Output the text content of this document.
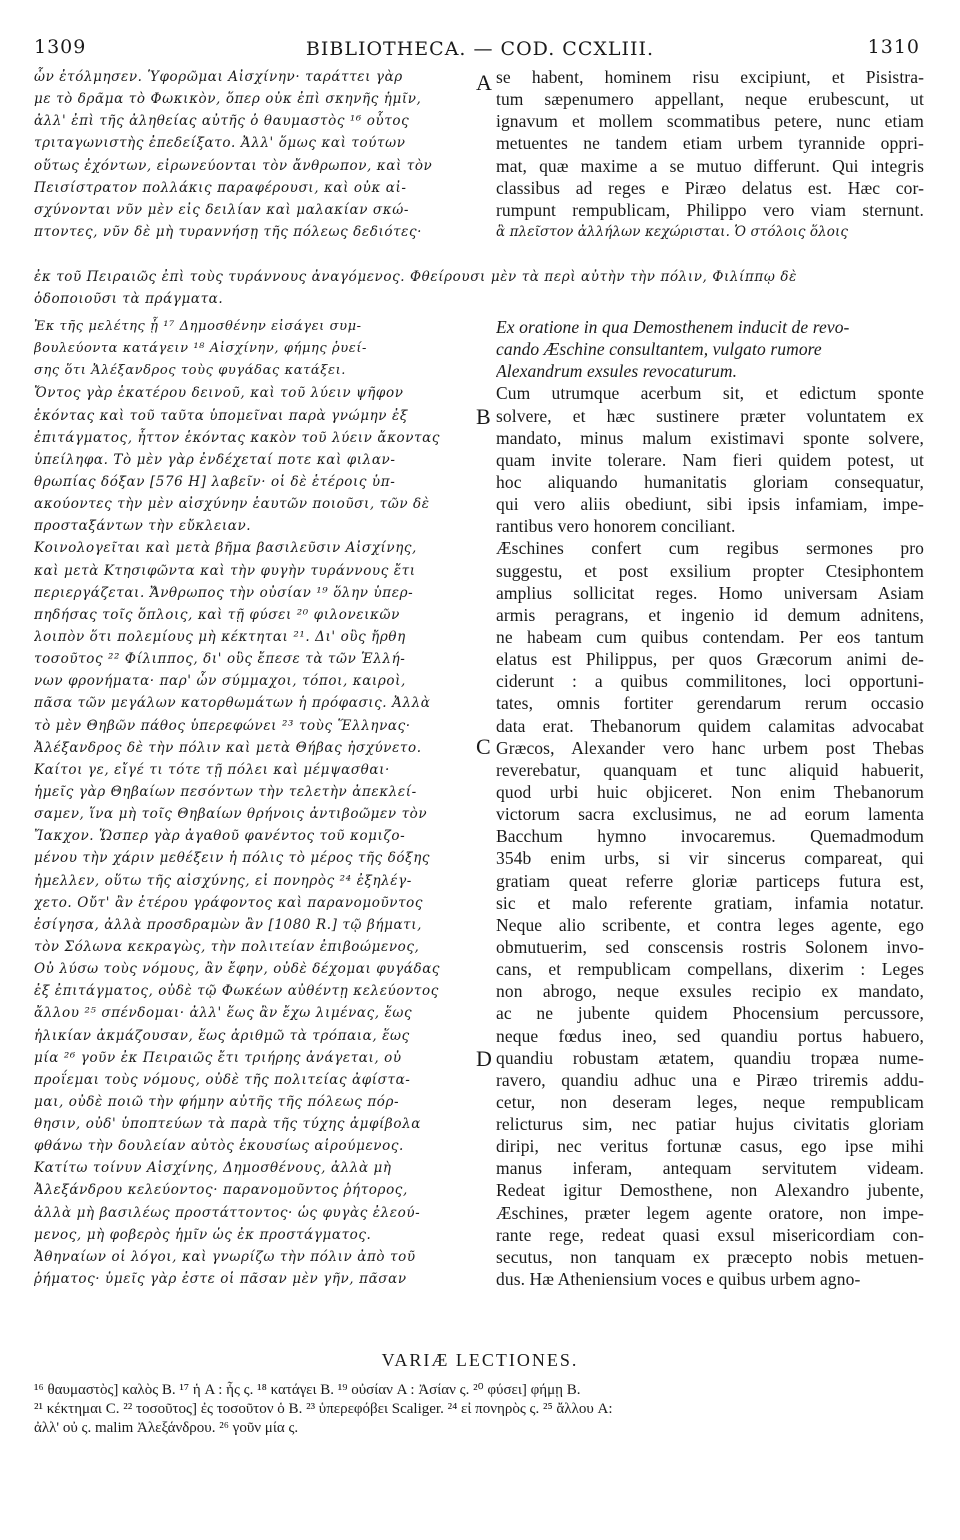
1309	BIBLIOTHECA. — COD. CCXLIII.	1310
ὧν ἐτόλμησεν. Ὑφορῶμαι Αἰσχίνην· ταράττει γὰρ
με τὸ δρᾶμα τὸ Φωκικὸν, ὅπερ οὐκ ἐπὶ σκηνῆς ἡμῖν,
ἀλλ' ἐπὶ τῆς ἀληθείας αὐτῆς ὁ θαυμαστὸς ¹⁶ οὗτος
τριταγωνιστὴς ἐπεδείξατο. Ἀλλ' ὅμως καὶ τούτων
οὕτως ἐχόντων, εἰρωνεύονται τὸν ἄνθρωπον, καὶ τὸν
Πεισίστρατον πολλάκις παραφέρουσι, καὶ οὐκ αἰ-
σχύνονται νῦν μὲν εἰς δειλίαν καὶ μαλακίαν σκώ-
πτοντες, νῦν δὲ μὴ τυραννήσῃ τῆς πόλεως δεδιότες·
se habent, hominem risu excipiunt, et Pisistra-
tum sæpenumero appellant, neque erubescunt, ut
ignavum et mollem scommatibus petere, nunc etiam
metuentes ne tandem etiam urbem tyrannide oppri-
mat, quæ maxime a se mutuo differunt. Qui integris
classibus ad reges e Piræo delatus est. Hæc cor-
rumpunt rempublicam, Philippo vero viam sternunt.
ἃ πλεῖστον ἀλλήλων κεχώρισται. Ὁ στόλοις ὅλοις
ἐκ τοῦ Πειραιῶς ἐπὶ τοὺς τυράννους ἀναγόμενος. Φθείρουσι μὲν τὰ περὶ αὐτὴν τὴν πόλιν, Φιλίππῳ δὲ
ὁδοποιοῦσι τὰ πράγματα.
Ἐκ τῆς μελέτης ᾗ ¹⁷ Δημοσθένην εἰσάγει συμ-
βουλεύοντα κατάγειν ¹⁸ Αἰσχίνην, φήμης ῥυεί-
σης ὅτι Ἀλέξανδρος τοὺς φυγάδας κατάξει.
Ὄντος γὰρ ἑκατέρου δεινοῦ, καὶ τοῦ λύειν ψῆφον
ἑκόντας καὶ τοῦ ταῦτα ὑπομεῖναι παρὰ γνώμην ἐξ
ἐπιτάγματος, ἧττον ἑκόντας κακὸν τοῦ λύειν ἄκοντας
ὑπείληφα. Τὸ μὲν γὰρ ἐνδέχεταί ποτε καὶ φιλαν-
θρωπίας δόξαν [576 Η] λαβεῖν· οἱ δὲ ἑτέροις ὑπ-
ακούοντες τὴν μὲν αἰσχύνην ἑαυτῶν ποιοῦσι, τῶν δὲ
προσταξάντων τὴν εὔκλειαν.
Κοινολογεῖται καὶ μετὰ βῆμα βασιλεῦσιν Αἰσχίνης,
καὶ μετὰ Κτησιφῶντα καὶ τὴν φυγὴν τυράννους ἔτι
περιεργάζεται. Ἄνθρωπος τὴν οὐσίαν ¹⁹ ὅλην ὑπερ-
πηδήσας τοῖς ὅπλοις, καὶ τῇ φύσει ²⁰ φιλονεικῶν
λοιπὸν ὅτι πολεμίους μὴ κέκτηται ²¹. Δι' οὓς ἤρθη
τοσοῦτος ²² Φίλιππος, δι' οὓς ἔπεσε τὰ τῶν Ἑλλή-
νων φρονήματα· παρ' ὧν σύμμαχοι, τόποι, καιροὶ,
πᾶσα τῶν μεγάλων κατορθωμάτων ἡ πρόφασις. Ἀλλὰ
τὸ μὲν Θηβῶν πάθος ὑπερεφώνει ²³ τοὺς Ἕλληνας·
Ἀλέξανδρος δὲ τὴν πόλιν καὶ μετὰ Θήβας ἠσχύνετο.
Καίτοι γε, εἴγέ τι τότε τῇ πόλει καὶ μέμψασθαι·
ἡμεῖς γὰρ Θηβαίων πεσόντων τὴν τελετὴν ἀπεκλεί-
σαμεν, ἵνα μὴ τοῖς Θηβαίων θρήνοις ἀντιβοῶμεν τὸν
Ἴακχον. Ὥσπερ γὰρ ἀγαθοῦ φανέντος τοῦ κομιζο-
μένου τὴν χάριν μεθέξειν ἡ πόλις τὸ μέρος τῆς δόξης
ἠμελλεν, οὕτω τῆς αἰσχύνης, εἰ πονηρὸς ²⁴ ἐξηλέγ-
χετο. Οὔτ' ἂν ἑτέρου γράφοντος καὶ παρανομοῦντος
ἐσίγησα, ἀλλὰ προσδραμὼν ἂν [1080 R.] τῷ βήματι,
τὸν Σόλωνα κεκραγὼς, τὴν πολιτείαν ἐπιβοώμενος,
Οὐ λύσω τοὺς νόμους, ἂν ἔφην, οὐδὲ δέχομαι φυγάδας
ἐξ ἐπιτάγματος, οὐδὲ τῷ Φωκέων αὐθέντῃ κελεύοντος
ἄλλου ²⁵ σπένδομαι· ἀλλ' ἕως ἂν ἔχω λιμένας, ἕως
ἡλικίαν ἀκμάζουσαν, ἕως ἀριθμῶ τὰ τρόπαια, ἕως
μία ²⁶ γοῦν ἐκ Πειραιῶς ἔτι τριήρης ἀνάγεται, οὐ
προΐεμαι τοὺς νόμους, οὐδὲ τῆς πολιτείας ἀφίστα-
μαι, οὐδὲ ποιῶ τὴν φήμην αὐτῆς τῆς πόλεως πόρ-
θησιν, οὐδ' ὑποπτεύων τὰ παρὰ τῆς τύχης ἀμφίβολα
φθάνω τὴν δουλείαν αὐτὸς ἑκουσίως αἱρούμενος.
Κατίτω τοίνυν Αἰσχίνης, Δημοσθένους, ἀλλὰ μὴ
Ἀλεξάνδρου κελεύοντος· παρανομοῦντος ῥήτορος,
ἀλλὰ μὴ βασιλέως προστάττοντος· ὡς φυγὰς ἐλεού-
μενος, μὴ φοβερὸς ἡμῖν ὡς ἐκ προστάγματος.
Ἀθηναίων οἱ λόγοι, καὶ γνωρίζω τὴν πόλιν ἀπὸ τοῦ
ῥήματος· ὑμεῖς γὰρ ἐστε οἱ πᾶσαν μὲν γῆν, πᾶσαν
Ex oratione in qua Demosthenem inducit de revo-
cando Æschine consultantem, vulgato rumore
Alexandrum exsules revocaturum.
Cum utrumque acerbum sit, et edictum sponte
solvere, et hæc sustinere præter voluntatem ex
mandato, minus malum existimavi sponte solvere,
quam invite tolerare. Nam fieri quidem potest, ut
hoc aliquando humanitatis gloriam consequatur,
qui vero aliis obediunt, sibi ipsis infamiam, impe-
rantibus vero honorem conciliant.
Æschines confert cum regibus sermones pro
suggestu, et post exsilium propter Ctesiphontem
amplius sollicitat reges. Homo universam Asiam
armis peragrans, et ingenio id demum adnitens,
ne habeam cum quibus contendam. Per eos tantum
elatus est Philippus, per quos Græcorum animi de-
ciderunt : a quibus commilitones, loci opportuni-
tates, omnis fortiter gerendarum rerum occasio
data erat. Thebanorum quidem calamitas advocabat
Græcos, Alexander vero hanc urbem post Thebas
reverebatur, quanquam et tunc aliquid habuerit,
quod urbi huic objiceret. Non enim Thebanorum
victorum sacra exclusimus, ne ad eorum lamenta
Bacchum hymno invocaremus. Quemadmodum
354b enim urbs, si vir sincerus compareat, qui
gratiam queat referre gloriæ particeps futura est,
sic et malo referente gratiam, infamia notatur.
Neque alio scribente, et contra leges agente, ego
obmutuerim, sed conscensis rostris Solonem invo-
cans, et rempublicam compellans, dixerim : Leges
non abrogo, neque exsules recipio ex mandato,
ac ne jubente quidem Phocensium percussore,
neque fœdus ineo, sed quandiu portus habuero,
quandiu robustam ætatem, quandiu tropæa nume-
ravero, quandiu adhuc una e Piræo triremis addu-
cetur, non deseram leges, neque rempublicam
relicturus sim, nec patiar hujus civitatis gloriam
diripi, nec veritus fortunæ casus, ego ipse mihi
manus inferam, antequam servitutem videam.
Redeat igitur Demosthene, non Alexandro jubente,
Æschines, præter legem agente oratore, non impe-
rante rege, redeat quasi exsul misericordiam con-
secutus, non tanquam ex præcepto nobis metuen-
dus. Hæ Atheniensium voces e quibus urbem agno-
A
B
C
D
VARIÆ LECTIONES.
¹⁶ θαυμαστὸς] καλὸς B. ¹⁷ ἡ A : ἧς ς. ¹⁸ κατάγει B. ¹⁹ οὐσίαν A : Ἀσίαν ς. ²⁰ φύσει] φήμῃ B.
²¹ κέκτημαι C. ²² τοσοῦτος] ἐς τοσοῦτον ὁ B. ²³ ὑπερεφόβει Scaliger. ²⁴ εἰ πονηρὸς ς. ²⁵ ἄλλου A:
ἀλλ' οὐ ς. malim Ἀλεξάνδρου. ²⁶ γοῦν μία ς.
